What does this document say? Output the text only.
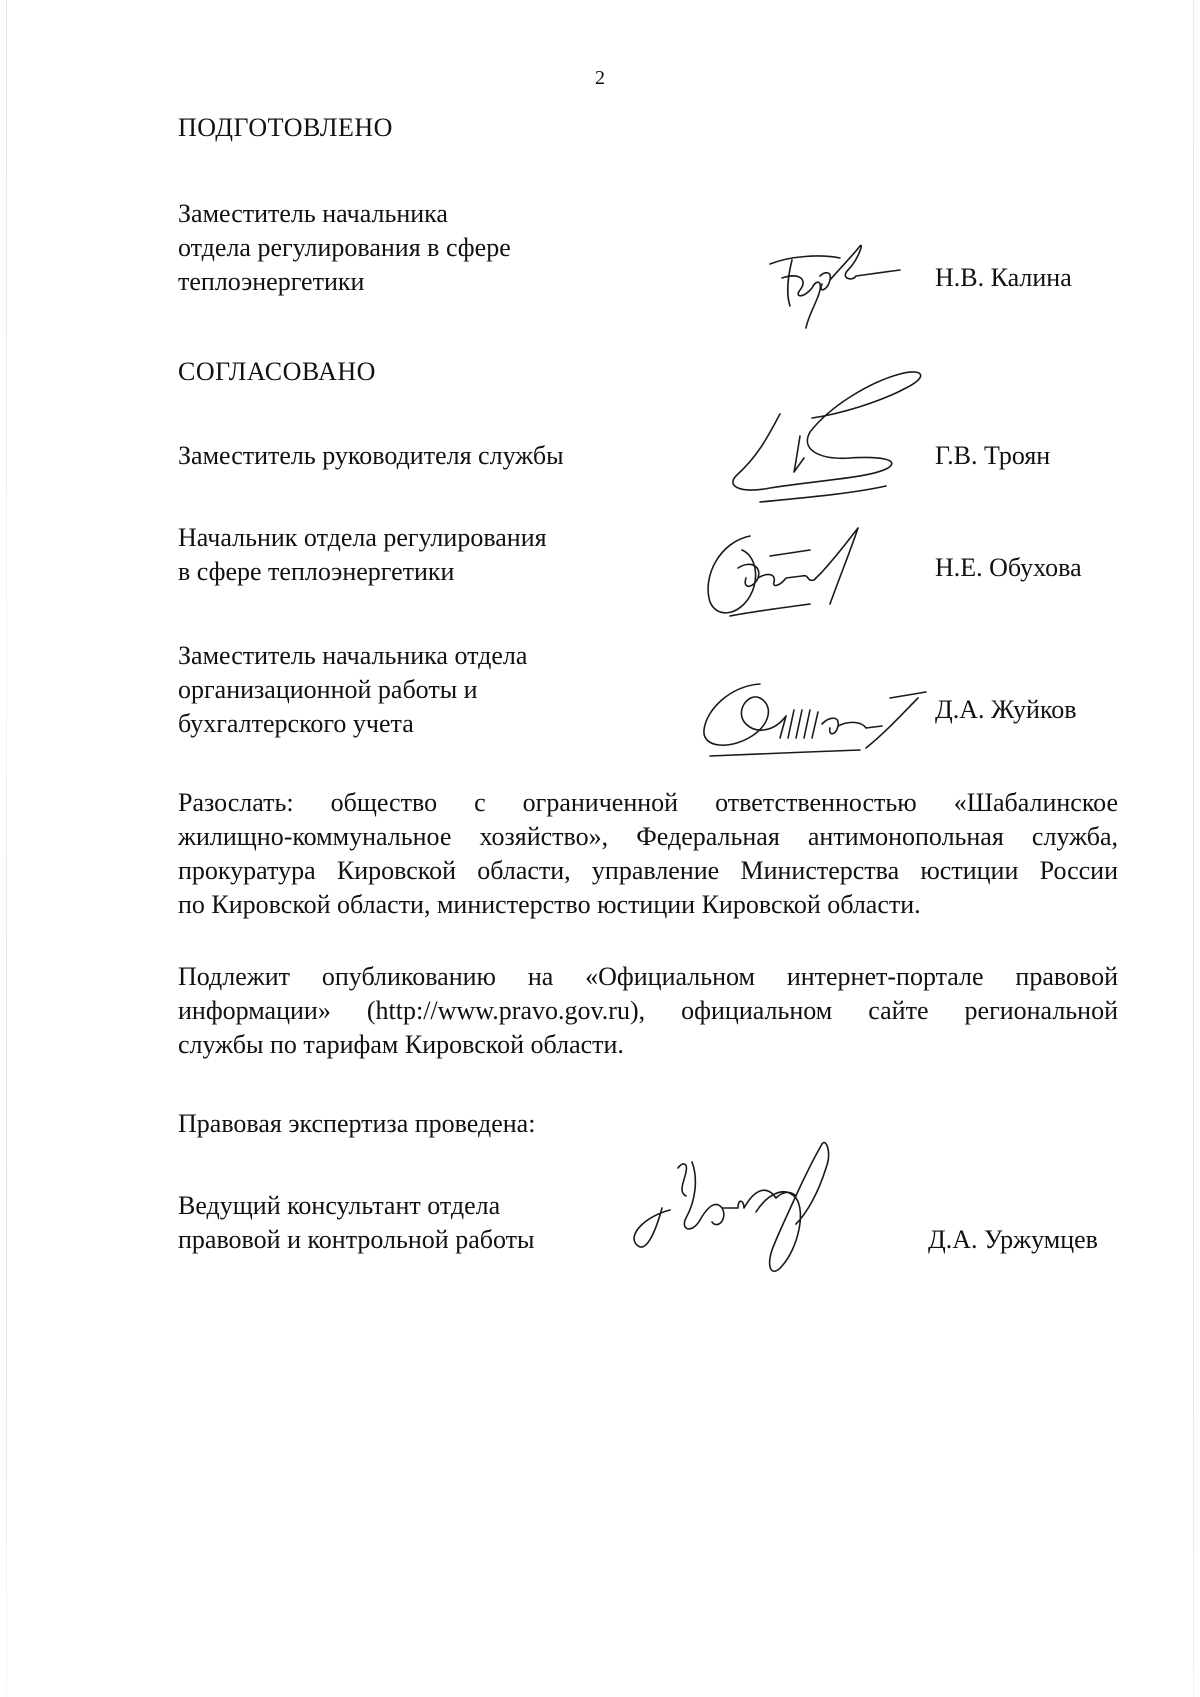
2
ПОДГОТОВЛЕНО
Заместитель начальника
отдела регулирования в сфере
теплоэнергетики	Н.В. Калина
СОГЛАСОВАНО
Заместитель руководителя службы	Г.В. Троян
Начальник отдела регулирования
в сфере теплоэнергетики	Н.Е. Обухова
Заместитель начальника отдела
организационной работы и
бухгалтерского учета	Д.А. Жуйков
Разослать: общество с ограниченной ответственностью «Шабалинское
жилищно-коммунальное хозяйство», Федеральная антимонопольная служба,
прокуратура Кировской области, управление Министерства юстиции России
по Кировской области, министерство юстиции Кировской области.
Подлежит опубликованию на «Официальном интернет-портале правовой
информации» (http://www.pravo.gov.ru), официальном сайте региональной
службы по тарифам Кировской области.
Правовая экспертиза проведена:
Ведущий консультант отдела
правовой и контрольной работы	Д.А. Уржумцев
